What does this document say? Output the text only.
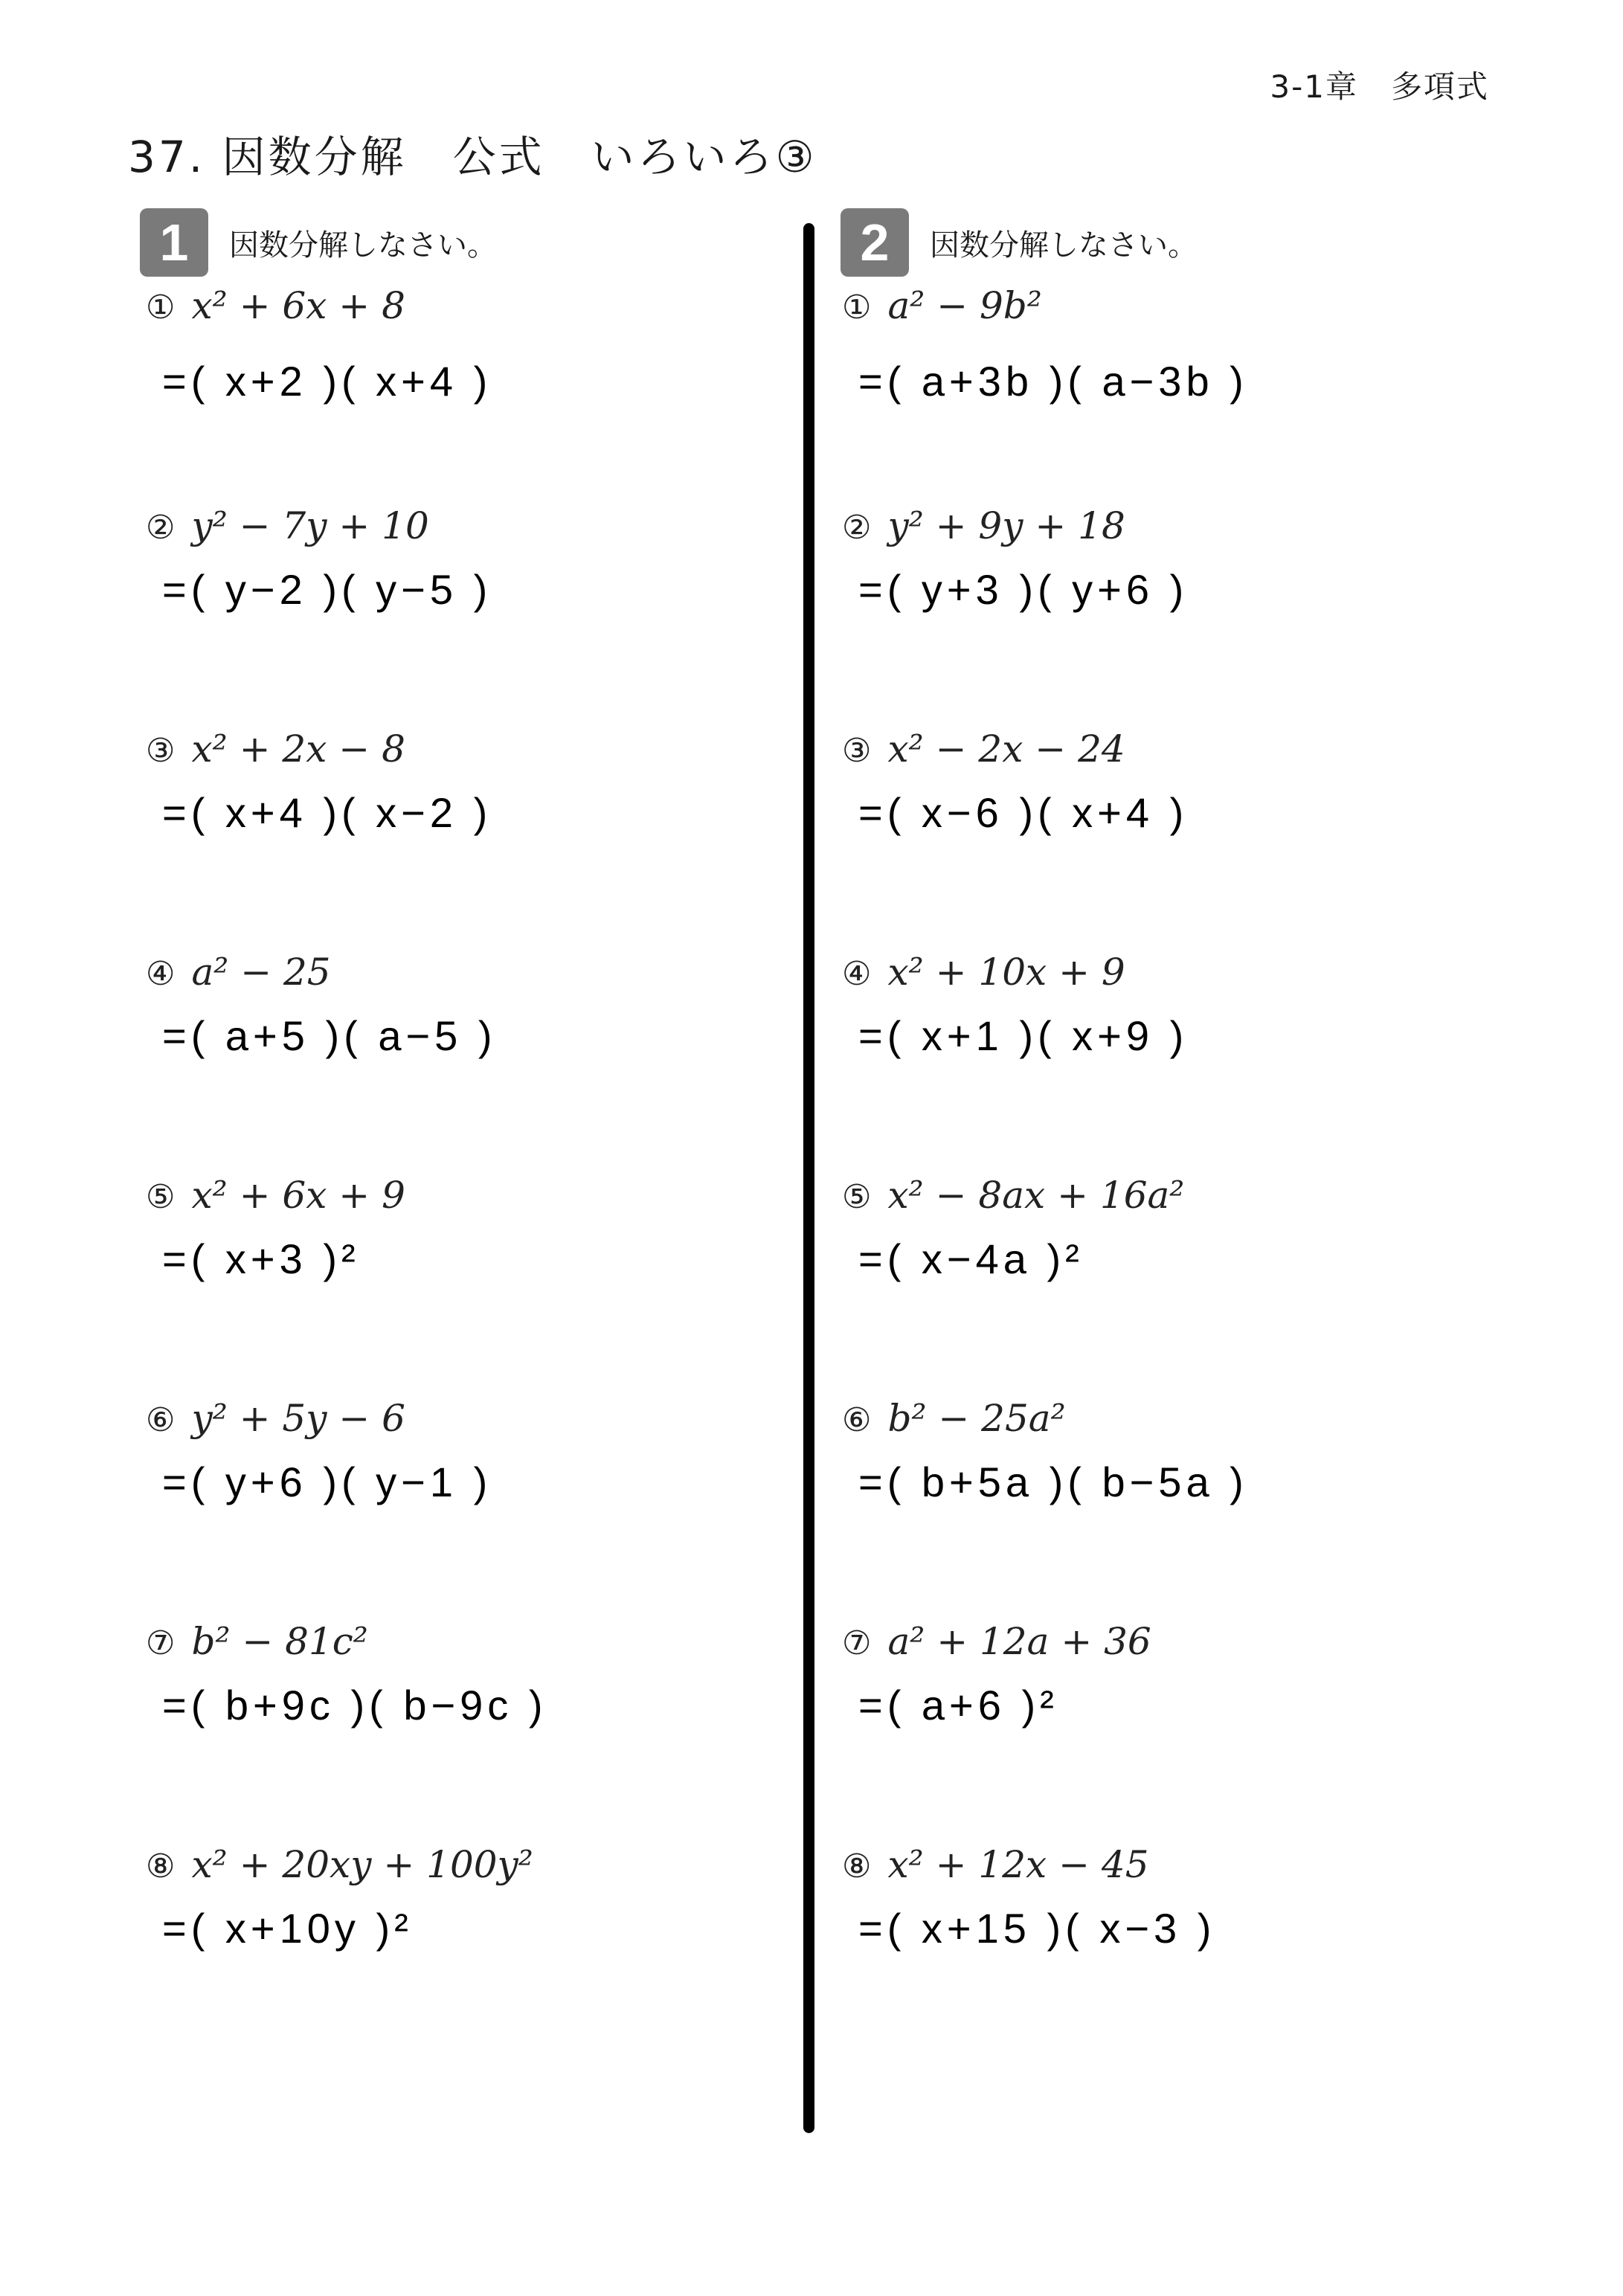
3-1章　多項式
37. 因数分解　公式　いろいろ③
1	因数分解しなさい。	2	因数分解しなさい。
① x² + 6x + 8
=( x+2 )( x+4 )
② y² − 7y + 10
=( y−2 )( y−5 )
③ x² + 2x − 8
=( x+4 )( x−2 )
④ a² − 25
=( a+5 )( a−5 )
⑤ x² + 6x + 9
=( x+3 )²
⑥ y² + 5y − 6
=( y+6 )( y−1 )
⑦ b² − 81c²
=( b+9c )( b−9c )
⑧ x² + 20xy + 100y²
=( x+10y )²
① a² − 9b²
=( a+3b )( a−3b )
② y² + 9y + 18
=( y+3 )( y+6 )
③ x² − 2x − 24
=( x−6 )( x+4 )
④ x² + 10x + 9
=( x+1 )( x+9 )
⑤ x² − 8ax + 16a²
=( x−4a )²
⑥ b² − 25a²
=( b+5a )( b−5a )
⑦ a² + 12a + 36
=( a+6 )²
⑧ x² + 12x − 45
=( x+15 )( x−3 )
